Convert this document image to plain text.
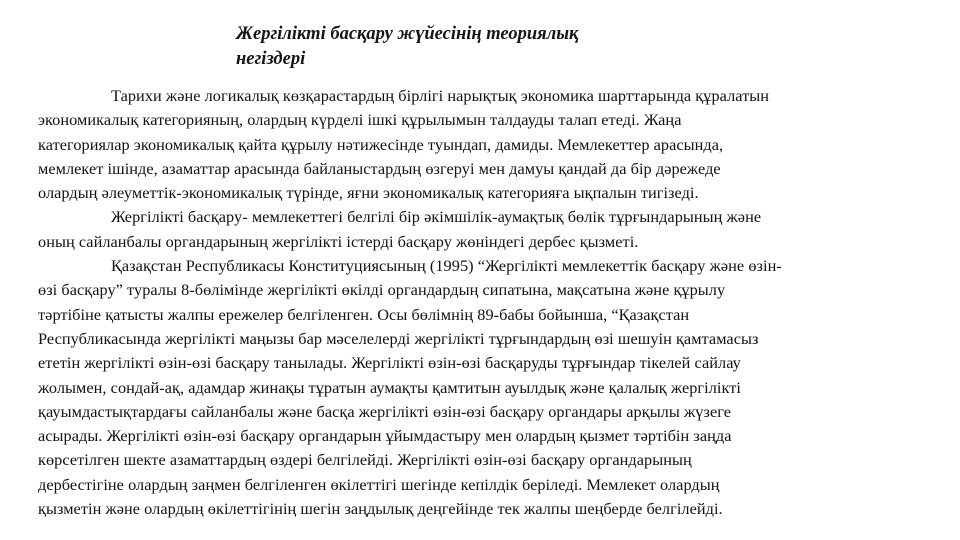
Жергілікті басқару жүйесінің теориялық
негіздері
Тарихи және логикалық көзқарастардың бірлігі нарықтық экономика шарттарында құралатын
экономикалық категорияның, олардың күрделі ішкі құрылымын талдауды талап етеді. Жаңа
категориялар экономикалық қайта құрылу нәтижесінде туындап, дамиды. Мемлекеттер арасында,
мемлекет ішінде, азаматтар арасында байланыстардың өзгеруі мен дамуы қандай да бір дәрежеде
олардың әлеуметтік-экономикалық түрінде, яғни экономикалық категорияға ықпалын тигізеді.
Жергілікті басқару- мемлекеттегі белгілі бір әкімшілік-аумақтық бөлік тұрғындарының және
оның сайланбалы органдарының жергілікті істерді басқару жөніндегі дербес қызметі.
Қазақстан Республикасы Конституциясының (1995) “Жергілікті мемлекеттік басқару және өзін-
өзі басқару” туралы 8-бөлімінде жергілікті өкілді органдардың сипатына, мақсатына және құрылу
тәртібіне қатысты жалпы ережелер белгіленген. Осы бөлімнің 89-бабы бойынша, “Қазақстан
Республикасында жергілікті маңызы бар мәселелерді жергілікті тұрғындардың өзі шешуін қамтамасыз
ететін жергілікті өзін-өзі басқару танылады. Жергілікті өзін-өзі басқаруды тұрғындар тікелей сайлау
жолымен, сондай-ақ, адамдар жинақы тұратын аумақты қамтитын ауылдық және қалалық жергілікті
қауымдастықтардағы сайланбалы және басқа жергілікті өзін-өзі басқару органдары арқылы жүзеге
асырады. Жергілікті өзін-өзі басқару органдарын ұйымдастыру мен олардың қызмет тәртібін заңда
көрсетілген шекте азаматтардың өздері белгілейді. Жергілікті өзін-өзі басқару органдарының
дербестігіне олардың заңмен белгіленген өкілеттігі шегінде кепілдік беріледі. Мемлекет олардың
қызметін және олардың өкілеттігінің шегін заңдылық деңгейінде тек жалпы шеңберде белгілейді.
